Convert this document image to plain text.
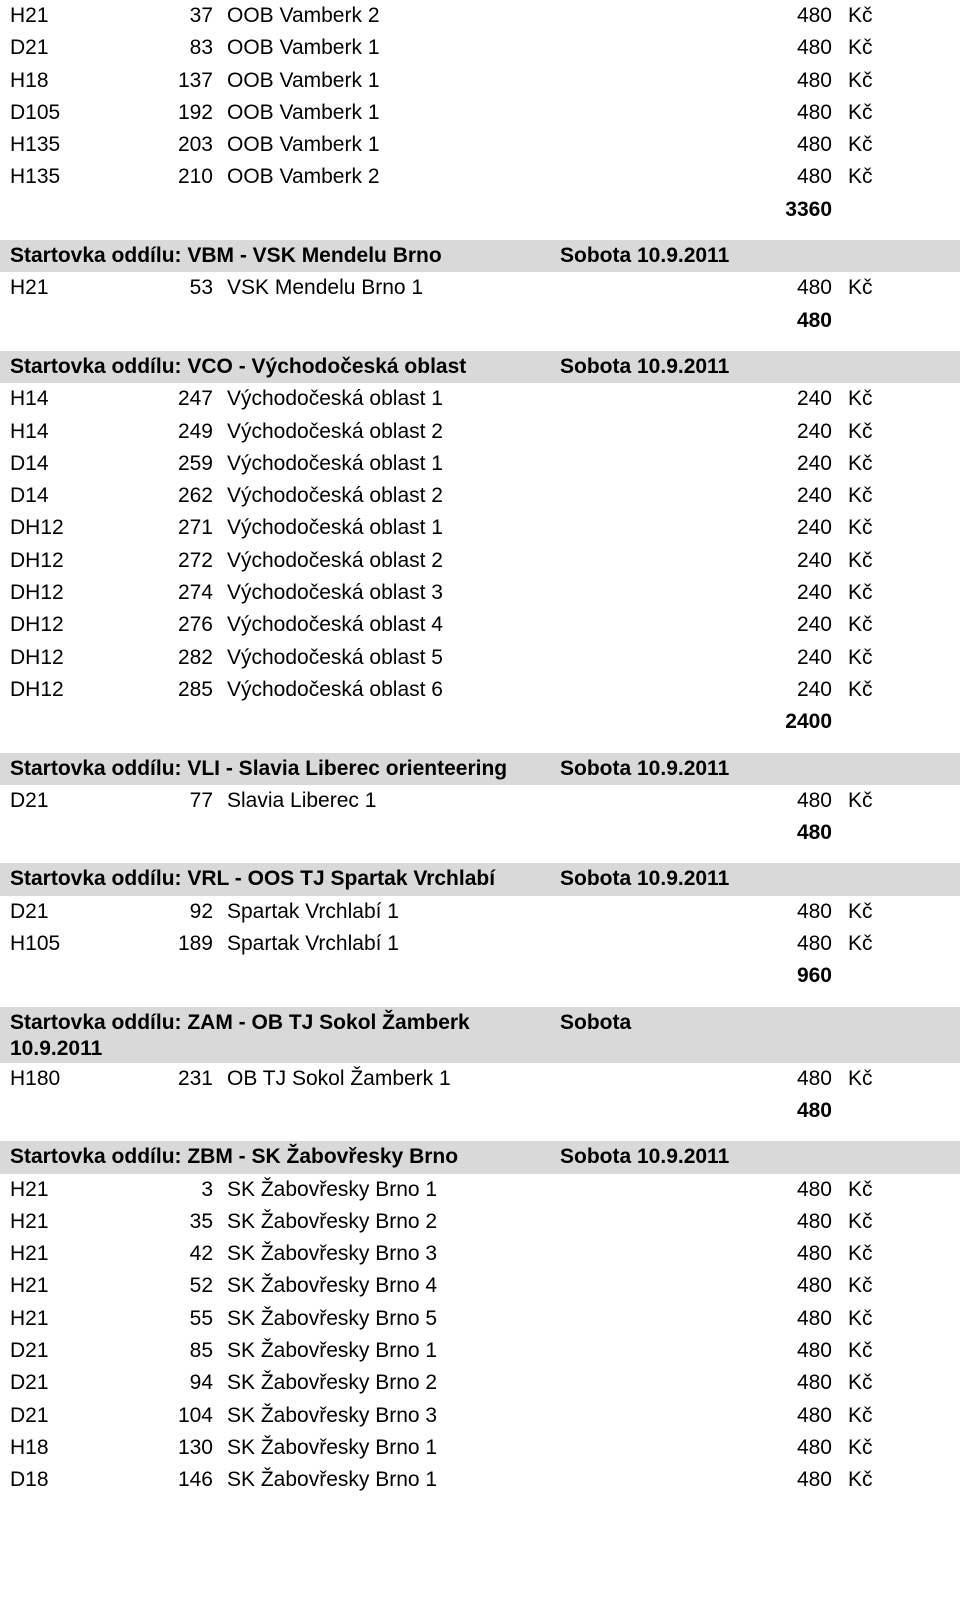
H21	37 OOB Vamberk 2	480 Kč
D21	83 OOB Vamberk 1	480 Kč
H18	137 OOB Vamberk 1	480 Kč
D105	192 OOB Vamberk 1	480 Kč
H135	203 OOB Vamberk 1	480 Kč
H135	210 OOB Vamberk 2	480 Kč
3360
Startovka oddílu: VBM - VSK Mendelu Brno	Sobota 10.9.2011
H21	53 VSK Mendelu Brno 1	480 Kč
480
Startovka oddílu: VCO - Východočeská oblast	Sobota 10.9.2011
H14	247 Východočeská oblast 1	240 Kč
H14	249 Východočeská oblast 2	240 Kč
D14	259 Východočeská oblast 1	240 Kč
D14	262 Východočeská oblast 2	240 Kč
DH12	271 Východočeská oblast 1	240 Kč
DH12	272 Východočeská oblast 2	240 Kč
DH12	274 Východočeská oblast 3	240 Kč
DH12	276 Východočeská oblast 4	240 Kč
DH12	282 Východočeská oblast 5	240 Kč
DH12	285 Východočeská oblast 6	240 Kč
2400
Startovka oddílu: VLI - Slavia Liberec orienteering	Sobota 10.9.2011
D21	77 Slavia Liberec 1	480 Kč
480
Startovka oddílu: VRL - OOS TJ Spartak Vrchlabí	Sobota 10.9.2011
D21	92 Spartak Vrchlabí 1	480 Kč
H105	189 Spartak Vrchlabí 1	480 Kč
960
Startovka oddílu: ZAM - OB TJ Sokol Žamberk	Sobota
10.9.2011
H180	231 OB TJ Sokol Žamberk 1	480 Kč
480
Startovka oddílu: ZBM - SK Žabovřesky Brno	Sobota 10.9.2011
H21	3 SK Žabovřesky Brno 1	480 Kč
H21	35 SK Žabovřesky Brno 2	480 Kč
H21	42 SK Žabovřesky Brno 3	480 Kč
H21	52 SK Žabovřesky Brno 4	480 Kč
H21	55 SK Žabovřesky Brno 5	480 Kč
D21	85 SK Žabovřesky Brno 1	480 Kč
D21	94 SK Žabovřesky Brno 2	480 Kč
D21	104 SK Žabovřesky Brno 3	480 Kč
H18	130 SK Žabovřesky Brno 1	480 Kč
D18	146 SK Žabovřesky Brno 1	480 Kč
